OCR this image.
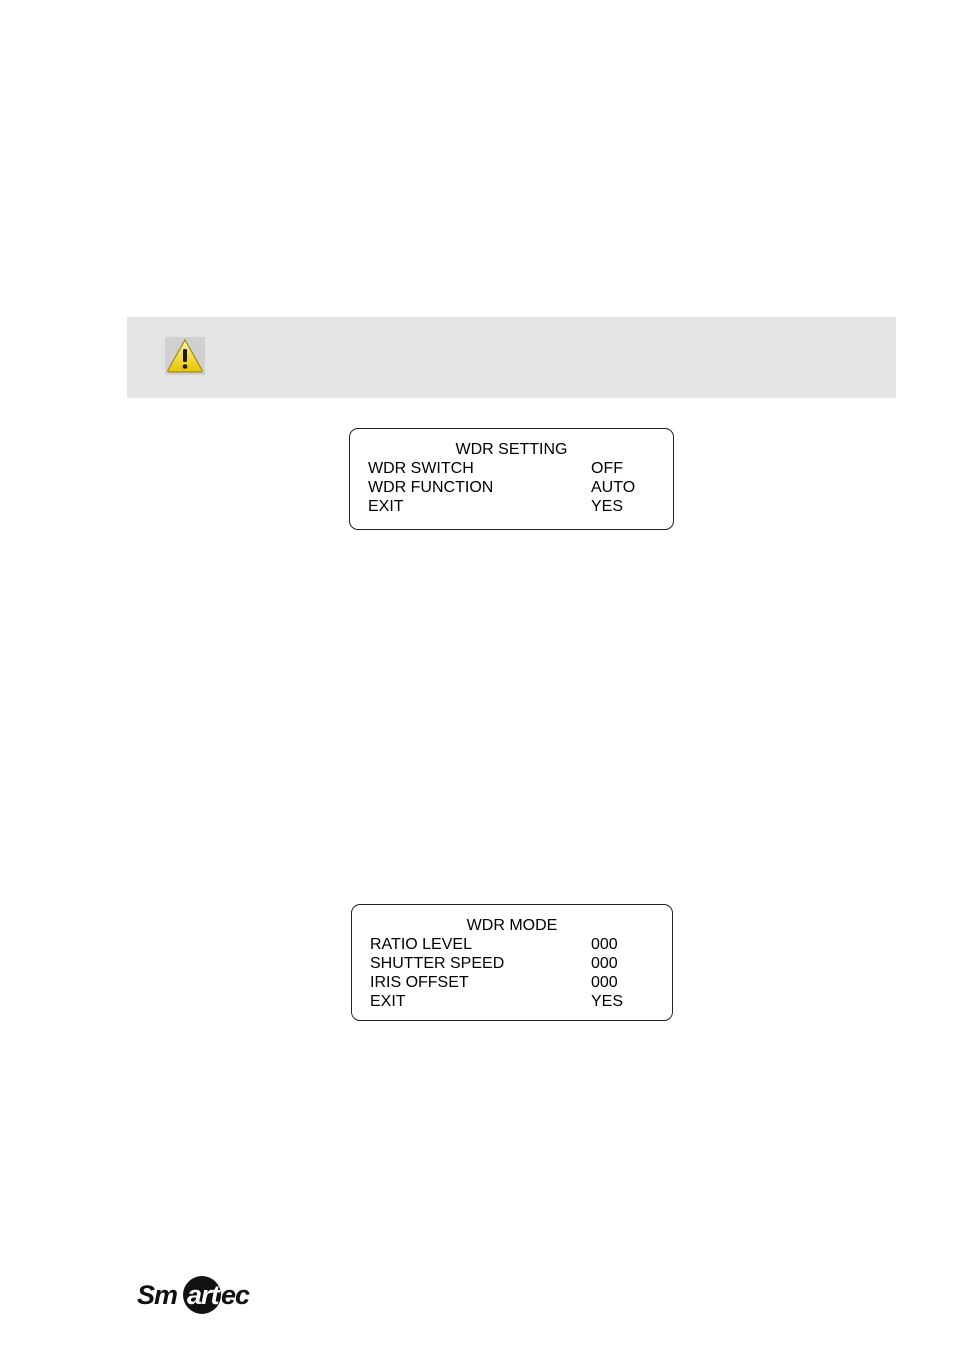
WDR SETTING
WDR SWITCH	OFF
WDR FUNCTION	AUTO
EXIT	YES
WDR MODE
RATIO LEVEL	000
SHUTTER SPEED	000
IRIS OFFSET	000
EXIT	YES
Sm art ec
